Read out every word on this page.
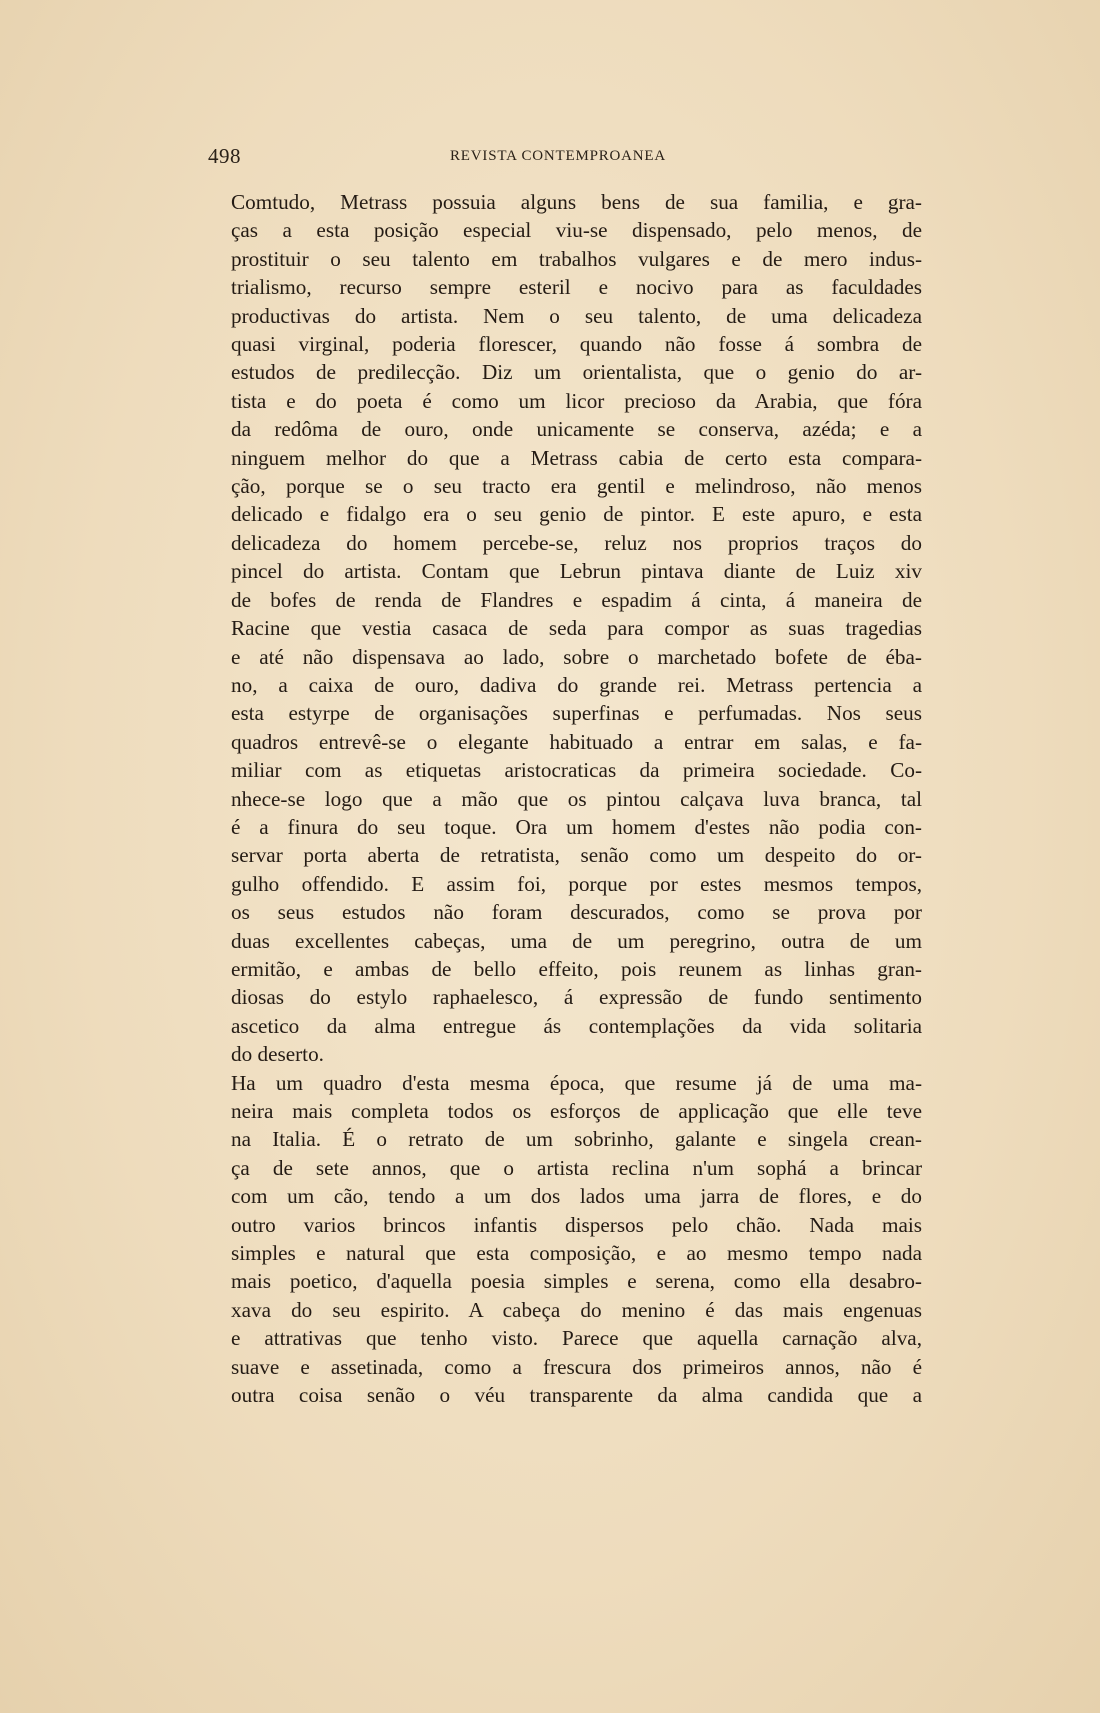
498	REVISTA CONTEMPROANEA

Comtudo, Metrass possuia alguns bens de sua familia, e gra-
ças a esta posição especial viu-se dispensado, pelo menos, de
prostituir o seu talento em trabalhos vulgares e de mero indus-
trialismo, recurso sempre esteril e nocivo para as faculdades
productivas do artista. Nem o seu talento, de uma delicadeza
quasi virginal, poderia florescer, quando não fosse á sombra de
estudos de predilecção. Diz um orientalista, que o genio do ar-
tista e do poeta é como um licor precioso da Arabia, que fóra
da redôma de ouro, onde unicamente se conserva, azéda; e a
ninguem melhor do que a Metrass cabia de certo esta compara-
ção, porque se o seu tracto era gentil e melindroso, não menos
delicado e fidalgo era o seu genio de pintor. E este apuro, e esta
delicadeza do homem percebe-se, reluz nos proprios traços do
pincel do artista. Contam que Lebrun pintava diante de Luiz xiv
de bofes de renda de Flandres e espadim á cinta, á maneira de
Racine que vestia casaca de seda para compor as suas tragedias
e até não dispensava ao lado, sobre o marchetado bofete de éba-
no, a caixa de ouro, dadiva do grande rei. Metrass pertencia a
esta estyrpe de organisações superfinas e perfumadas. Nos seus
quadros entrevê-se o elegante habituado a entrar em salas, e fa-
miliar com as etiquetas aristocraticas da primeira sociedade. Co-
nhece-se logo que a mão que os pintou calçava luva branca, tal
é a finura do seu toque. Ora um homem d'estes não podia con-
servar porta aberta de retratista, senão como um despeito do or-
gulho offendido. E assim foi, porque por estes mesmos tempos,
os seus estudos não foram descurados, como se prova por
duas excellentes cabeças, uma de um peregrino, outra de um
ermitão, e ambas de bello effeito, pois reunem as linhas gran-
diosas do estylo raphaelesco, á expressão de fundo sentimento
ascetico da alma entregue ás contemplações da vida solitaria
do deserto.

Ha um quadro d'esta mesma época, que resume já de uma ma-
neira mais completa todos os esforços de applicação que elle teve
na Italia. É o retrato de um sobrinho, galante e singela crean-
ça de sete annos, que o artista reclina n'um sophá a brincar
com um cão, tendo a um dos lados uma jarra de flores, e do
outro varios brincos infantis dispersos pelo chão. Nada mais
simples e natural que esta composição, e ao mesmo tempo nada
mais poetico, d'aquella poesia simples e serena, como ella desabro-
xava do seu espirito. A cabeça do menino é das mais engenuas
e attrativas que tenho visto. Parece que aquella carnação alva,
suave e assetinada, como a frescura dos primeiros annos, não é
outra coisa senão o véu transparente da alma candida que a
